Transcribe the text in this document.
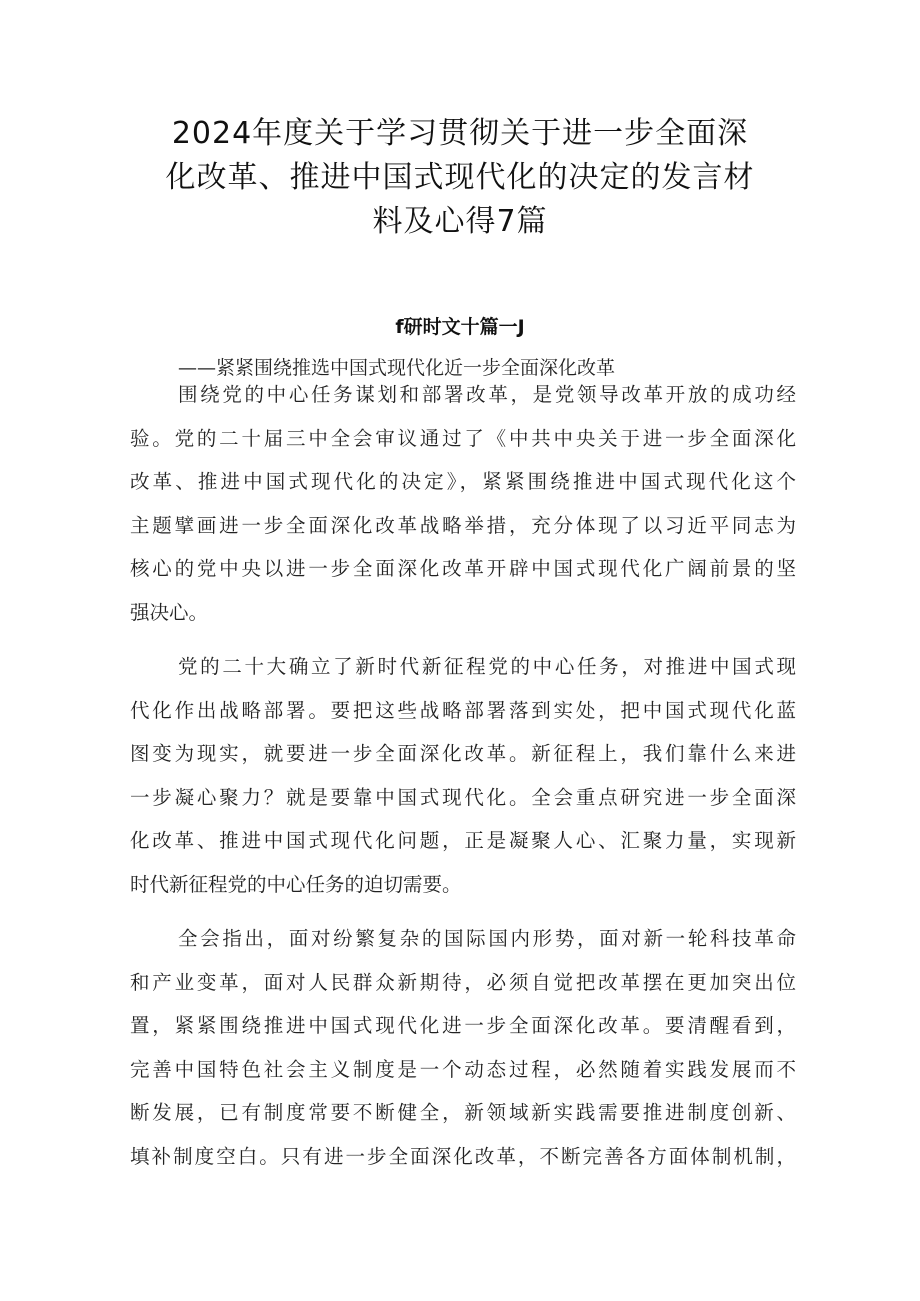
2024年度关于学习贯彻关于进一步全面深
化改革、推进中国式现代化的决定的发言材
料及心得7篇
f研时文十篇一J

——紧紧围绕推选中国式现代化近一步全面深化改革

围绕党的中心任务谋划和部署改革，是党领导改革开放的成功经
验。党的二十届三中全会审议通过了《中共中央关于进一步全面深化
改革、推进中国式现代化的决定》，紧紧围绕推进中国式现代化这个
主题擘画进一步全面深化改革战略举措，充分体现了以习近平同志为
核心的党中央以进一步全面深化改革开辟中国式现代化广阔前景的坚
强决心。
党的二十大确立了新时代新征程党的中心任务，对推进中国式现
代化作出战略部署。要把这些战略部署落到实处，把中国式现代化蓝
图变为现实，就要进一步全面深化改革。新征程上，我们靠什么来进
一步凝心聚力？就是要靠中国式现代化。全会重点研究进一步全面深
化改革、推进中国式现代化问题，正是凝聚人心、汇聚力量，实现新
时代新征程党的中心任务的迫切需要。
全会指出，面对纷繁复杂的国际国内形势，面对新一轮科技革命
和产业变革，面对人民群众新期待，必须自觉把改革摆在更加突出位
置，紧紧围绕推进中国式现代化进一步全面深化改革。要清醒看到，
完善中国特色社会主义制度是一个动态过程，必然随着实践发展而不
断发展，已有制度常要不断健全，新领域新实践需要推进制度创新、
填补制度空白。只有进一步全面深化改革，不断完善各方面体制机制，
